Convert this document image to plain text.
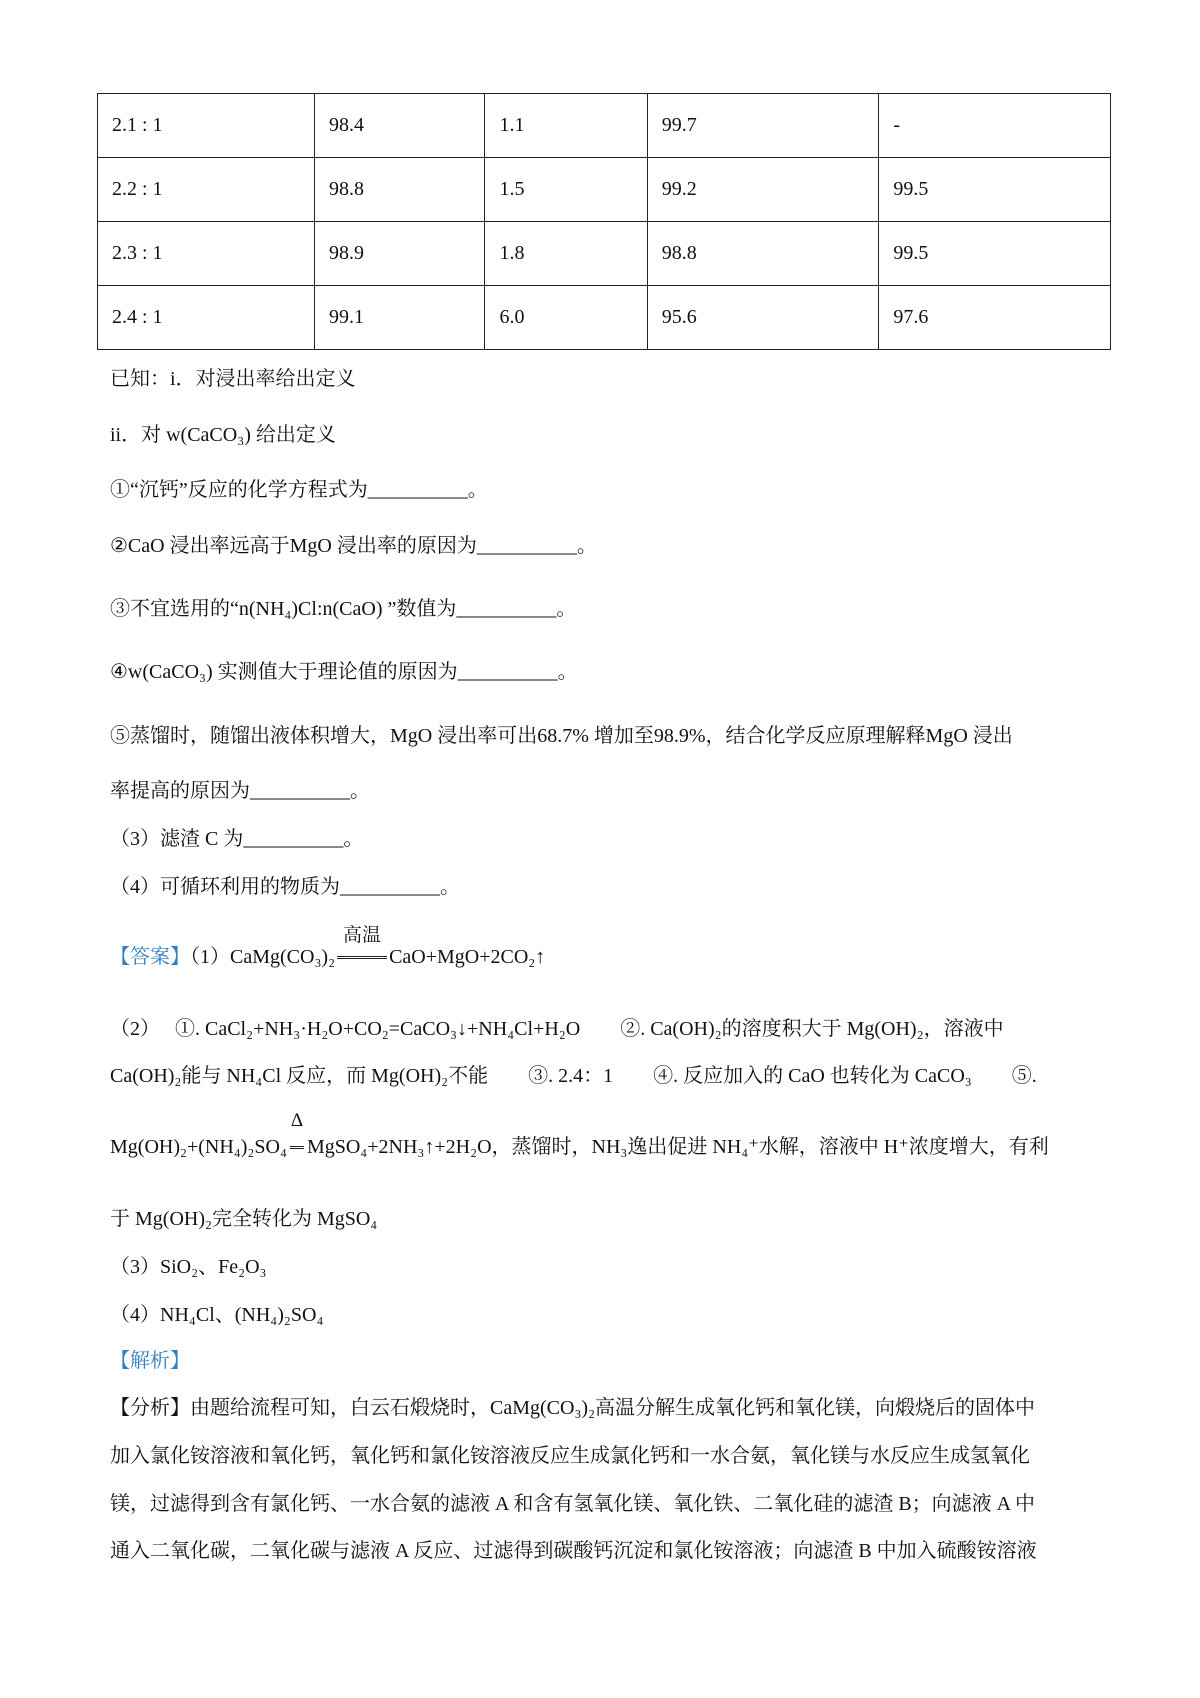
2.1 : 1	98.4	1.1	99.7	-
2.2 : 1	98.8	1.5	99.2	99.5
2.3 : 1	98.9	1.8	98.8	99.5
2.4 : 1	99.1	6.0	95.6	97.6
已知：i．对浸出率给出定义
ii．对 w(CaCO₃) 给出定义
①“沉钙”反应的化学方程式为__________。
②CaO 浸出率远高于MgO 浸出率的原因为__________。
③不宜选用的“n(NH₄)Cl:n(CaO) ”数值为__________。
④w(CaCO₃) 实测值大于理论值的原因为__________。
⑤蒸馏时，随馏出液体积增大，MgO 浸出率可出68.7% 增加至98.9%，结合化学反应原理解释MgO 浸出
率提高的原因为__________。
（3）滤渣 C 为__________。
（4）可循环利用的物质为__________。
【答案】（1）CaMg(CO₃)₂
高温
CaO+MgO+2CO₂↑
（2）　 ①. CaCl₂+NH₃·H₂O+CO₂=CaCO₃↓+NH₄Cl+H₂O　　②. Ca(OH)₂的溶度积大于 Mg(OH)₂，溶液中
Ca(OH)₂能与 NH₄Cl 反应，而 Mg(OH)₂不能　　③. 2.4：1　　④. 反应加入的 CaO 也转化为 CaCO₃　　⑤.
Mg(OH)₂+(NH₄)₂SO₄
Δ
MgSO₄+2NH₃↑+2H₂O，蒸馏时，NH₃逸出促进 NH₄⁺水解，溶液中 H⁺浓度增大，有利
于 Mg(OH)₂完全转化为 MgSO₄
（3）SiO₂、Fe₂O₃
（4）NH₄Cl、(NH₄)₂SO₄
【解析】
【分析】由题给流程可知，白云石煅烧时，CaMg(CO₃)₂高温分解生成氧化钙和氧化镁，向煅烧后的固体中
加入氯化铵溶液和氧化钙，氧化钙和氯化铵溶液反应生成氯化钙和一水合氨，氧化镁与水反应生成氢氧化
镁，过滤得到含有氯化钙、一水合氨的滤液 A 和含有氢氧化镁、氧化铁、二氧化硅的滤渣 B；向滤液 A 中
通入二氧化碳，二氧化碳与滤液 A 反应、过滤得到碳酸钙沉淀和氯化铵溶液；向滤渣 B 中加入硫酸铵溶液
